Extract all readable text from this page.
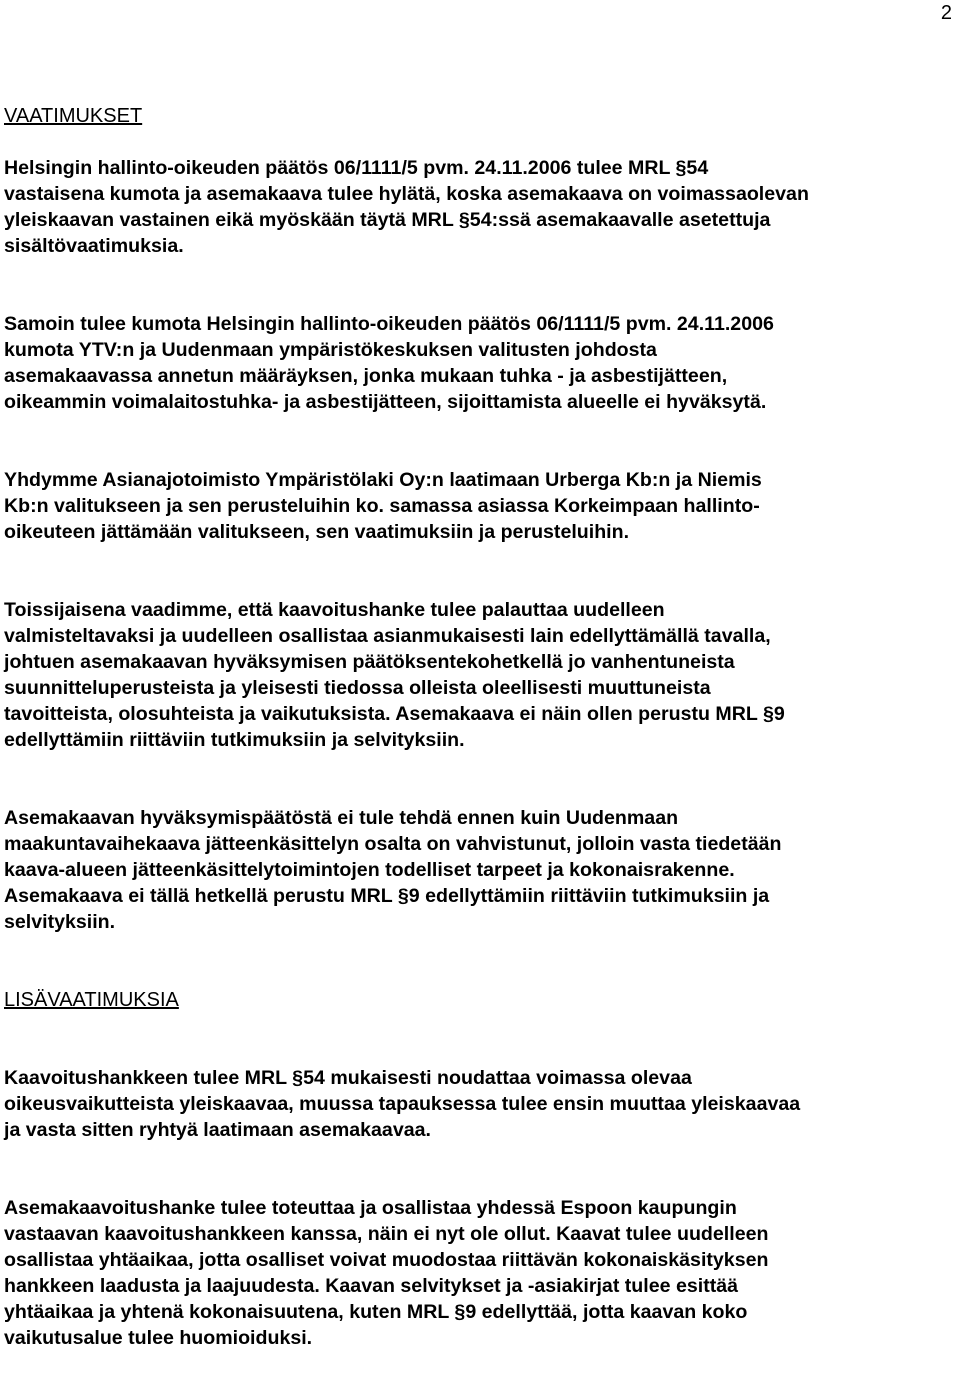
2
VAATIMUKSET

Helsingin hallinto-oikeuden päätös 06/1111/5 pvm. 24.11.2006 tulee MRL §54
vastaisena kumota ja asemakaava tulee hylätä, koska asemakaava on voimassaolevan
yleiskaavan vastainen eikä myöskään täytä MRL §54:ssä asemakaavalle asetettuja
sisältövaatimuksia.

Samoin tulee kumota Helsingin hallinto-oikeuden päätös 06/1111/5 pvm. 24.11.2006
kumota YTV:n ja Uudenmaan ympäristökeskuksen valitusten johdosta
asemakaavassa annetun määräyksen, jonka mukaan tuhka - ja asbestijätteen,
oikeammin voimalaitostuhka- ja asbestijätteen, sijoittamista alueelle ei hyväksytä.

Yhdymme Asianajotoimisto Ympäristölaki Oy:n laatimaan Urberga Kb:n ja Niemis
Kb:n valitukseen ja sen perusteluihin ko. samassa asiassa Korkeimpaan hallinto-
oikeuteen jättämään valitukseen, sen vaatimuksiin ja perusteluihin.

Toissijaisena vaadimme, että kaavoitushanke tulee palauttaa uudelleen
valmisteltavaksi ja uudelleen osallistaa asianmukaisesti lain edellyttämällä tavalla,
johtuen asemakaavan hyväksymisen päätöksentekohetkellä jo vanhentuneista
suunnitteluperusteista ja yleisesti tiedossa olleista oleellisesti muuttuneista
tavoitteista, olosuhteista ja vaikutuksista. Asemakaava ei näin ollen perustu MRL §9
edellyttämiin riittäviin tutkimuksiin ja selvityksiin.

Asemakaavan hyväksymispäätöstä ei tule tehdä ennen kuin Uudenmaan
maakuntavaihekaava jätteenkäsittelyn osalta on vahvistunut, jolloin vasta tiedetään
kaava-alueen jätteenkäsittelytoimintojen todelliset tarpeet ja kokonaisrakenne.
Asemakaava ei tällä hetkellä perustu MRL §9 edellyttämiin riittäviin tutkimuksiin ja
selvityksiin.

LISÄVAATIMUKSIA

Kaavoitushankkeen tulee MRL §54 mukaisesti noudattaa voimassa olevaa
oikeusvaikutteista yleiskaavaa, muussa tapauksessa tulee ensin muuttaa yleiskaavaa
ja vasta sitten ryhtyä laatimaan asemakaavaa.

Asemakaavoitushanke tulee toteuttaa ja osallistaa yhdessä Espoon kaupungin
vastaavan kaavoitushankkeen kanssa, näin ei nyt ole ollut. Kaavat tulee uudelleen
osallistaa yhtäaikaa, jotta osalliset voivat muodostaa riittävän kokonaiskäsityksen
hankkeen laadusta ja laajuudesta. Kaavan selvitykset ja -asiakirjat tulee esittää
yhtäaikaa ja yhtenä kokonaisuutena, kuten MRL §9 edellyttää, jotta kaavan koko
vaikutusalue tulee huomioiduksi.
